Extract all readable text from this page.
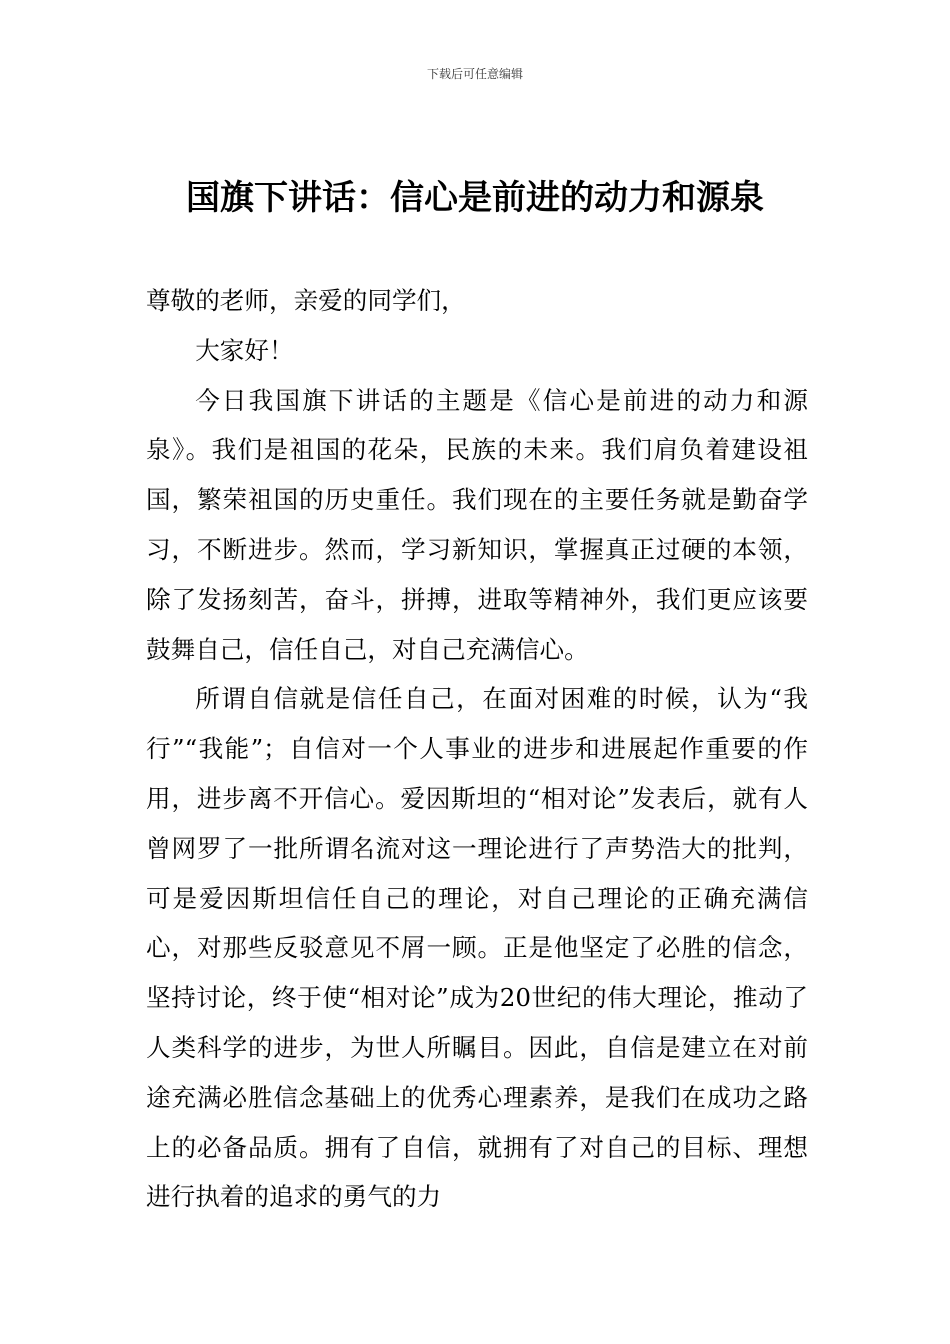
下载后可任意编辑
国旗下讲话：信心是前进的动力和源泉

尊敬的老师，亲爱的同学们，

大家好！

今日我国旗下讲话的主题是《信心是前进的动力和源泉》。我们是祖国的花朵，民族的未来。我们肩负着建设祖国，繁荣祖国的历史重任。我们现在的主要任务就是勤奋学习，不断进步。然而，学习新知识，掌握真正过硬的本领，除了发扬刻苦，奋斗，拼搏，进取等精神外，我们更应该要鼓舞自己，信任自己，对自己充满信心。

所谓自信就是信任自己，在面对困难的时候，认为“我行”“我能”；自信对一个人事业的进步和进展起作重要的作用，进步离不开信心。爱因斯坦的“相对论”发表后，就有人曾网罗了一批所谓名流对这一理论进行了声势浩大的批判，可是爱因斯坦信任自己的理论，对自己理论的正确充满信心，对那些反驳意见不屑一顾。正是他坚定了必胜的信念，坚持讨论，终于使“相对论”成为20世纪的伟大理论，推动了人类科学的进步，为世人所瞩目。因此，自信是建立在对前途充满必胜信念基础上的优秀心理素养，是我们在成功之路上的必备品质。拥有了自信，就拥有了对自己的目标、理想进行执着的追求的勇气的力
